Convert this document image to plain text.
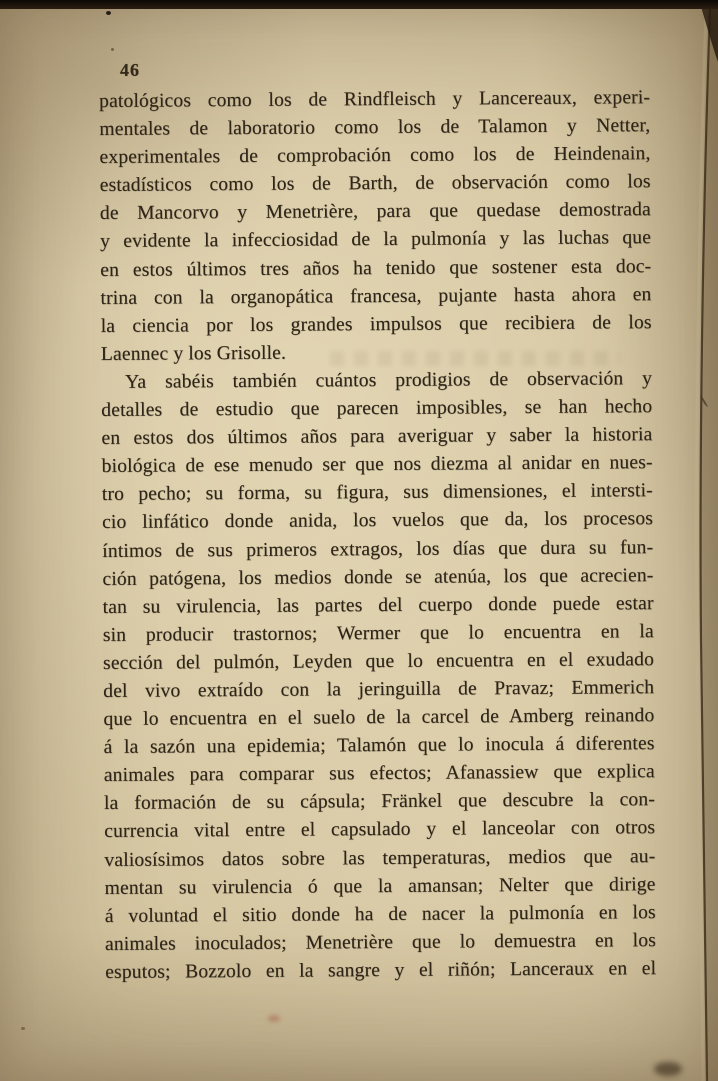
46
patológicos como los de Rindfleisch y Lancereaux, experi-
mentales de laboratorio como los de Talamon y Netter,
experimentales de comprobación como los de Heindenain,
estadísticos como los de Barth, de observación como los
de Mancorvo y Menetrière, para que quedase demostrada
y evidente la infecciosidad de la pulmonía y las luchas que
en estos últimos tres años ha tenido que sostener esta doc-
trina con la organopática francesa, pujante hasta ahora en
la ciencia por los grandes impulsos que recibiera de los
Laennec y los Grisolle.
Ya sabéis también cuántos prodigios de observación y
detalles de estudio que parecen imposibles, se han hecho
en estos dos últimos años para averiguar y saber la historia
biológica de ese menudo ser que nos diezma al anidar en nues-
tro pecho; su forma, su figura, sus dimensiones, el intersti-
cio linfático donde anida, los vuelos que da, los procesos
íntimos de sus primeros extragos, los días que dura su fun-
ción patógena, los medios donde se atenúa, los que acrecien-
tan su virulencia, las partes del cuerpo donde puede estar
sin producir trastornos; Wermer que lo encuentra en la
sección del pulmón, Leyden que lo encuentra en el exudado
del vivo extraído con la jeringuilla de Pravaz; Emmerich
que lo encuentra en el suelo de la carcel de Amberg reinando
á la sazón una epidemia; Talamón que lo inocula á diferentes
animales para comparar sus efectos; Afanassiew que explica
la formación de su cápsula; Fränkel que descubre la con-
currencia vital entre el capsulado y el lanceolar con otros
valiosísimos datos sobre las temperaturas, medios que au-
mentan su virulencia ó que la amansan; Nelter que dirige
á voluntad el sitio donde ha de nacer la pulmonía en los
animales inoculados; Menetrière que lo demuestra en los
esputos; Bozzolo en la sangre y el riñón; Lanceraux en el
